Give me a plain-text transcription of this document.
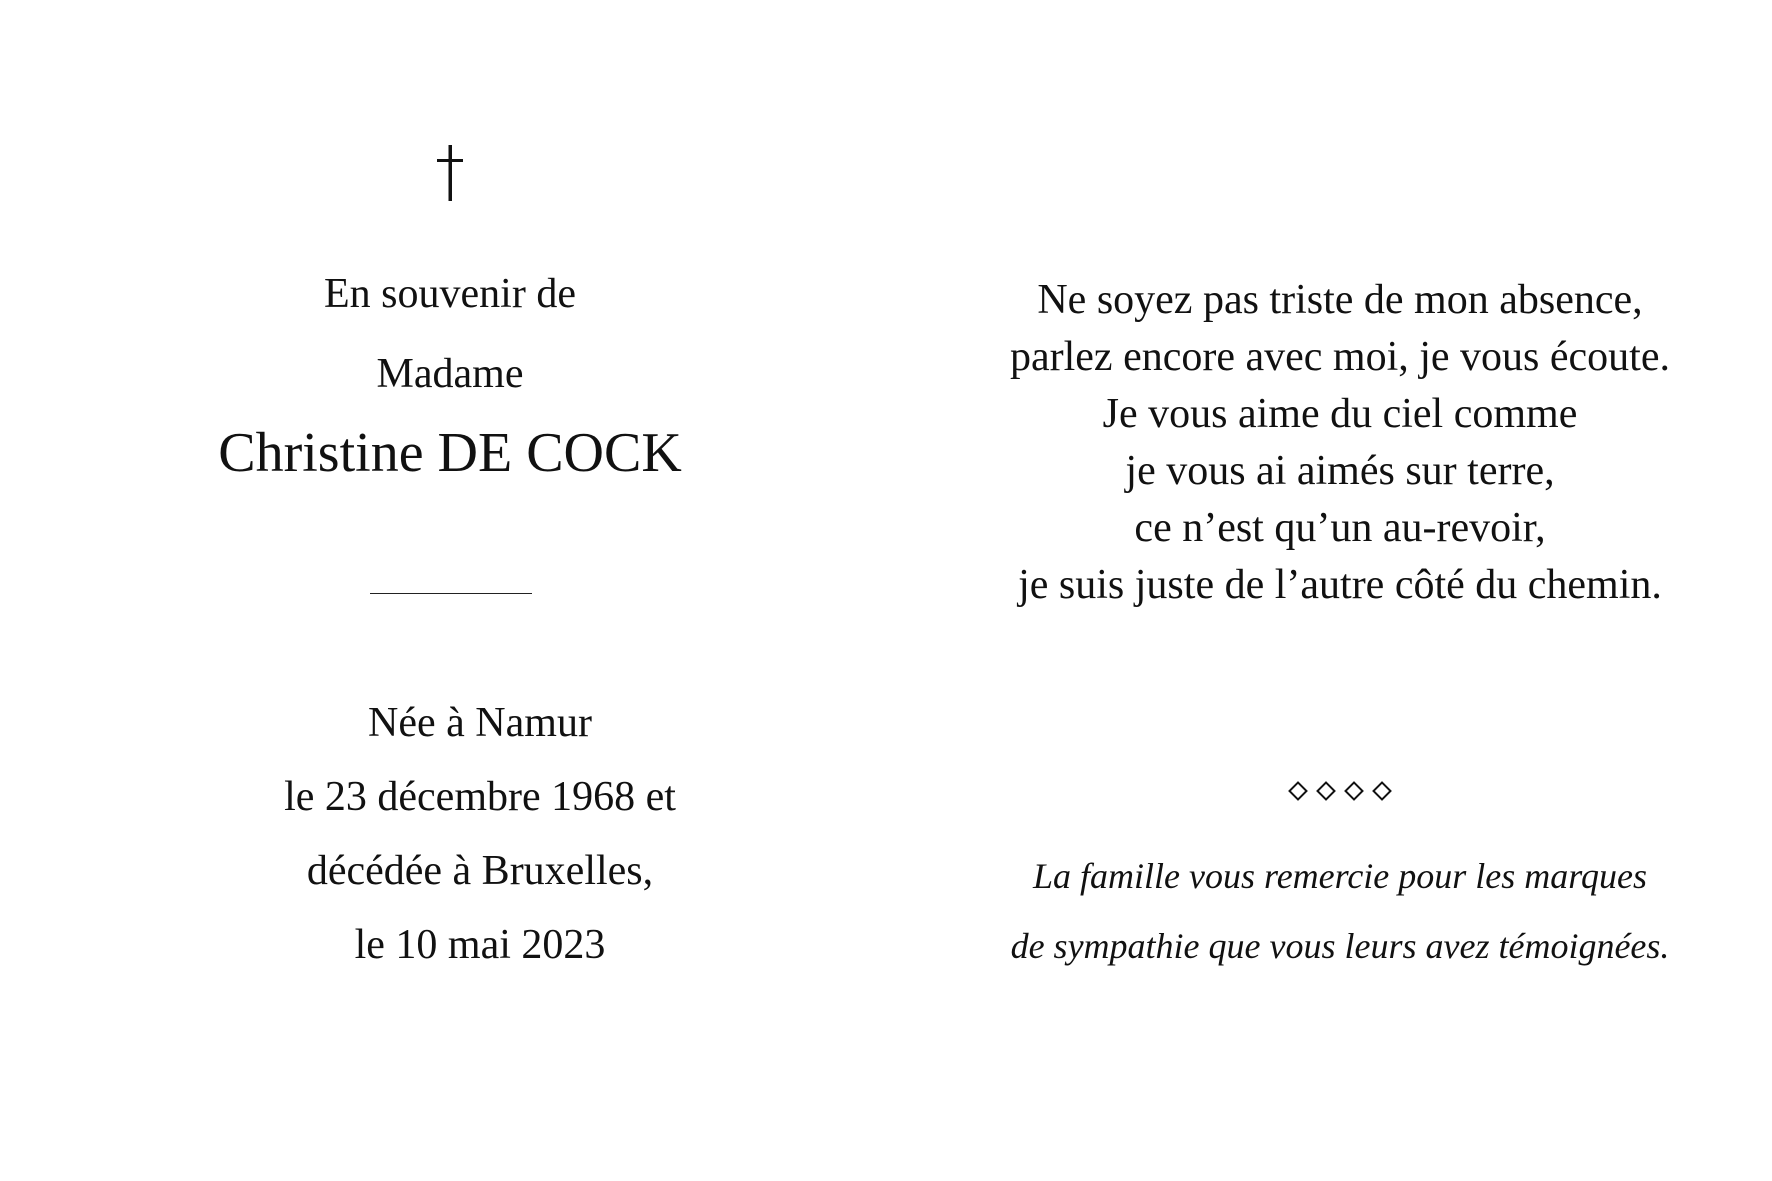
En souvenir de
Madame
Christine DE COCK
Née à Namur
le 23 décembre 1968 et
décédée à Bruxelles,
le 10 mai 2023
Ne soyez pas triste de mon absence,
parlez encore avec moi, je vous écoute.
Je vous aime du ciel comme
je vous ai aimés sur terre,
ce n’est qu’un au-revoir,
je suis juste de l’autre côté du chemin.
La famille vous remercie pour les marques
de sympathie que vous leurs avez témoignées.
